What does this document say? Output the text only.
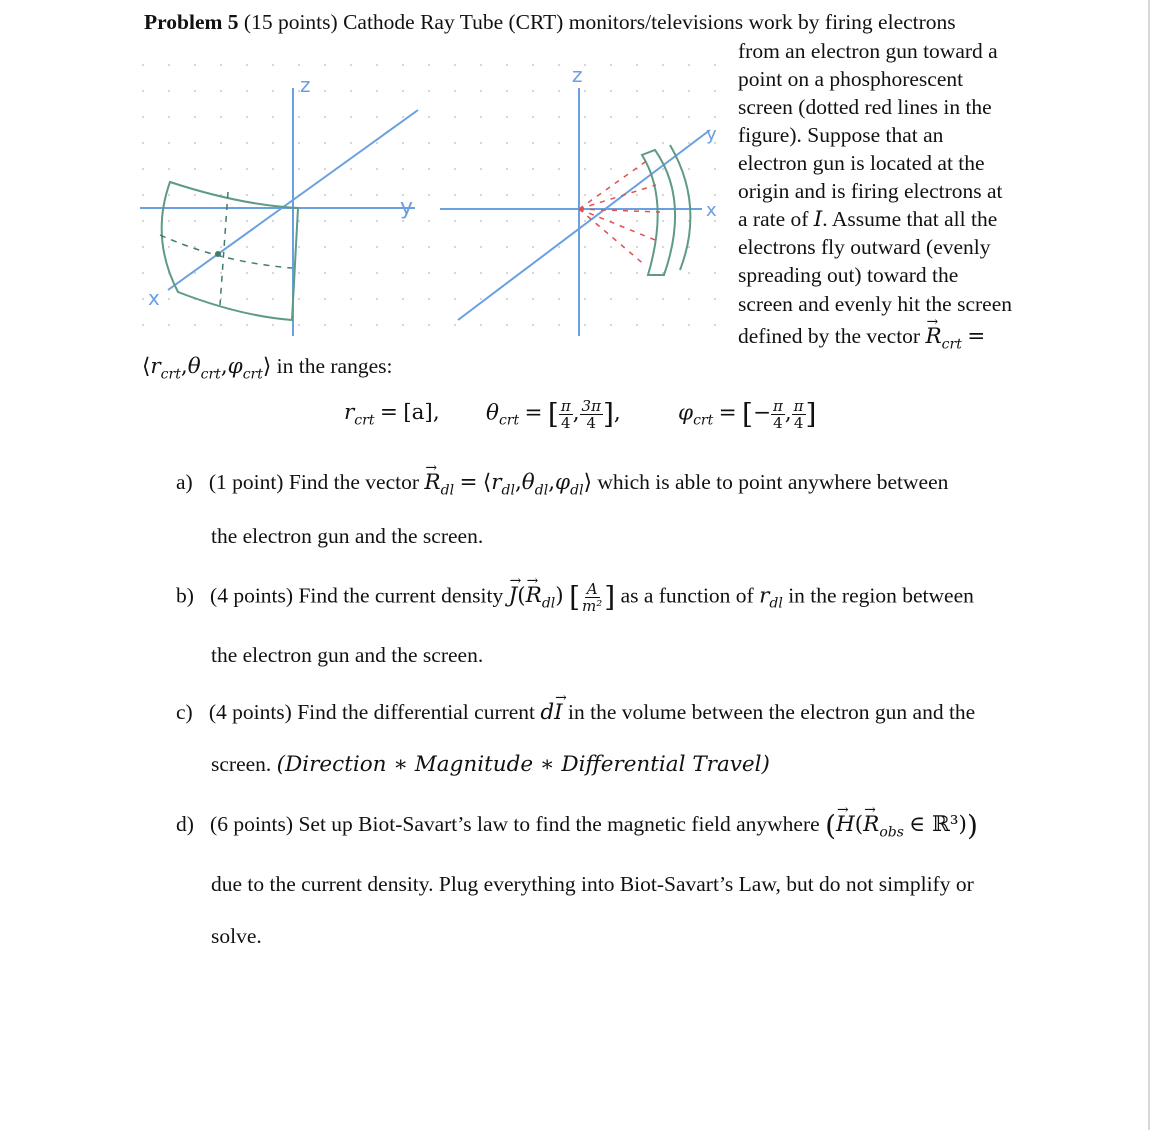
Problem 5 (15 points) Cathode Ray Tube (CRT) monitors/televisions work by firing electrons
from an electron gun toward a
point on a phosphorescent
screen (dotted red lines in the
figure). Suppose that an
electron gun is located at the
origin and is firing electrons at
a rate of I. Assume that all the
electrons fly outward (evenly
spreading out) toward the
screen and evenly hit the screen
defined by the vector → $R_{crt}$ =
$⟨r_{crt},\theta_{crt},\varphi_{crt}⟩$ in the ranges:
$r_{crt} = [a]$, $\theta_{crt}$ = [ $\frac{\pi}{4}$ , $\frac{3\pi}{4}$ ],	$\varphi_{crt}$ = [− $\frac{\pi}{4}$ , $\frac{\pi}{4}$ ]
a) (1 point) Find the vector → $R_{dl}$ = $⟨r_{dl},\theta_{dl},\varphi_{dl}⟩$ which is able to point anywhere between
the electron gun and the screen.
b) (4 points) Find the current density → $J(\to R_{dl})$ [ $\frac{A}{\text{m²}}$ ] as a function of $r_{dl}$ in the region between
the electron gun and the screen.
c) (4 points) Find the differential current d→ I in the volume between the electron gun and the
screen. (Direction ∗ Magnitude ∗ Differential Travel)
d) (6 points) Set up Biot-Savart’s law to find the magnetic field anywhere (→ $H(\to R_{obs}$ ∈ ℝ³))
due to the current density. Plug everything into Biot-Savart’s Law, but do not simplify or
solve.
y
z
x
z
y
x
